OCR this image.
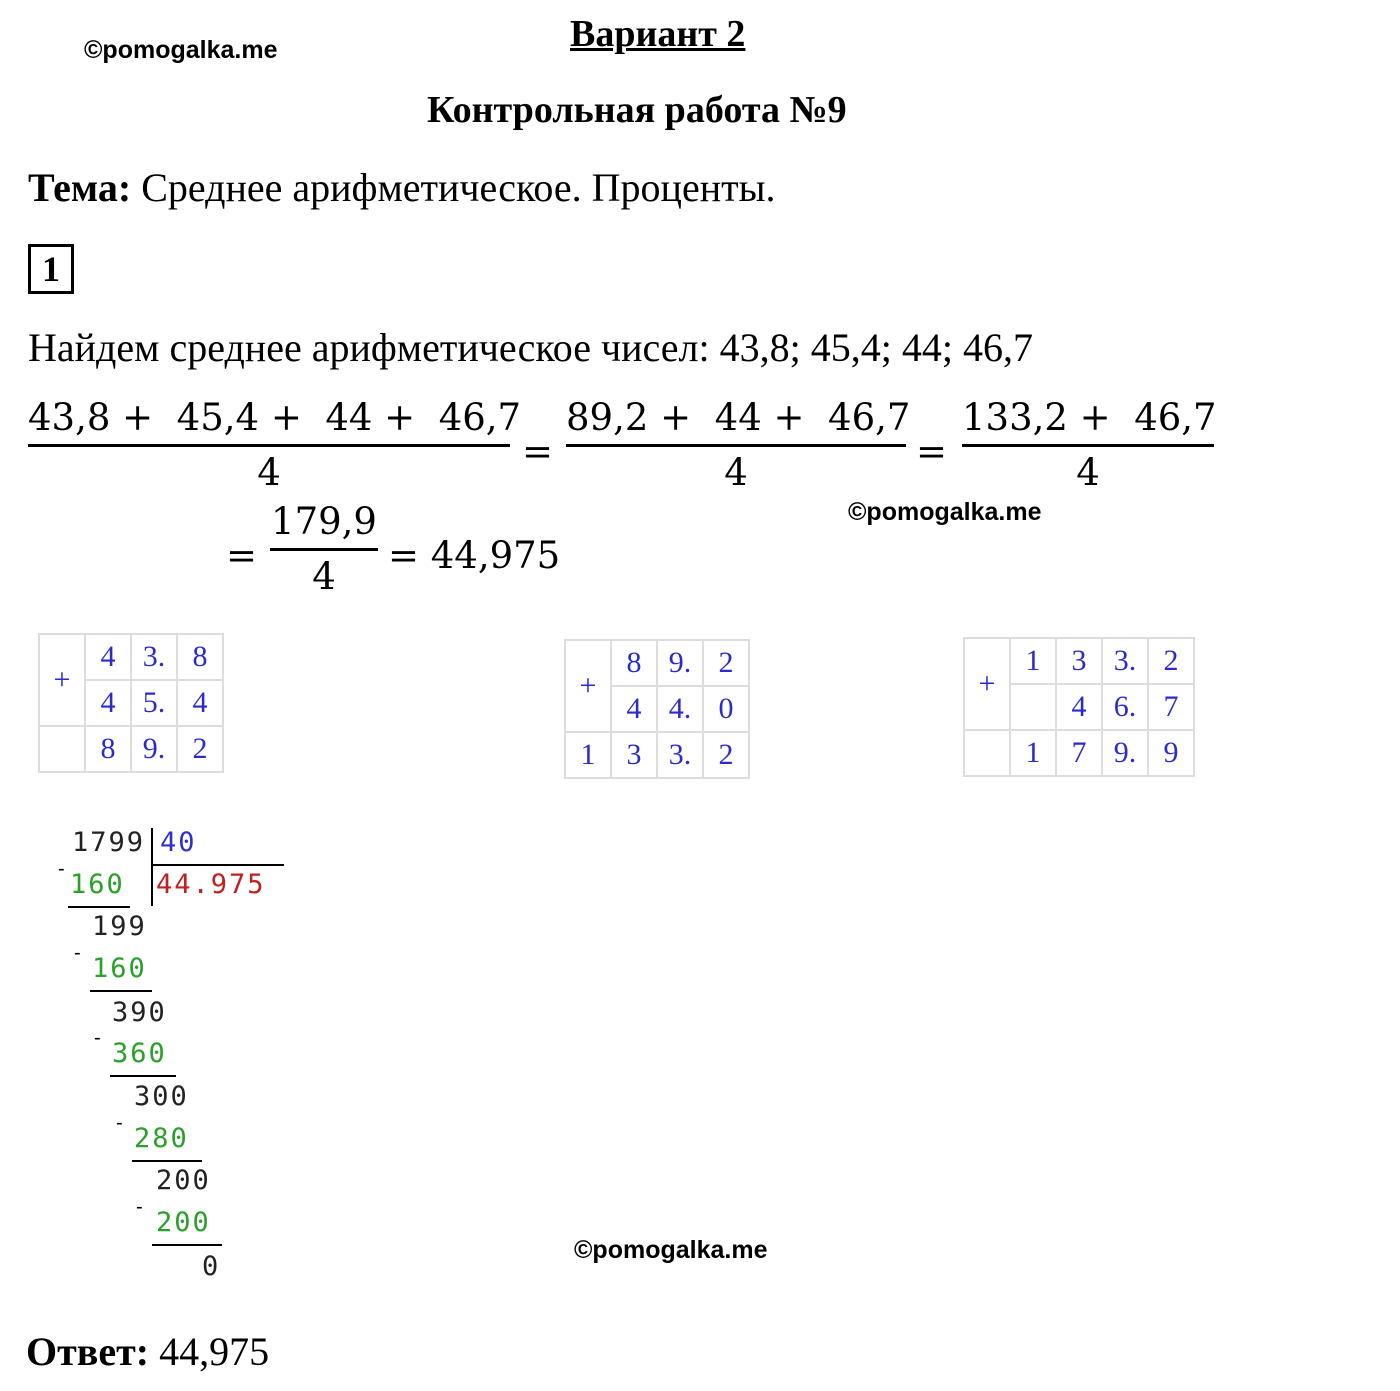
©pomogalka.me	Вариант 2
Контрольная работа №9
Тема: Среднее арифметическое. Проценты.
1
Найдем среднее арифметическое чисел: 43,8; 45,4; 44; 46,7
43,8 +  45,4 +  44 +  46,7
4	=
89,2 +  44 +  46,7
4	=
133,2 +  46,7
4
©pomogalka.me
=
179,9
4	= 44,975
+	4	3.	8
	4	5.	4
	8	9.	2
+	8	9.	2
	4	4.	0
1	3	3.	2
+	1	3	3.	2
		4	6.	7
	1	7	9.	9
1799 40
44.975
- 160
199
- 160
390
- 360
300
- 280
200
- 200
0
©pomogalka.me
Ответ: 44,975
